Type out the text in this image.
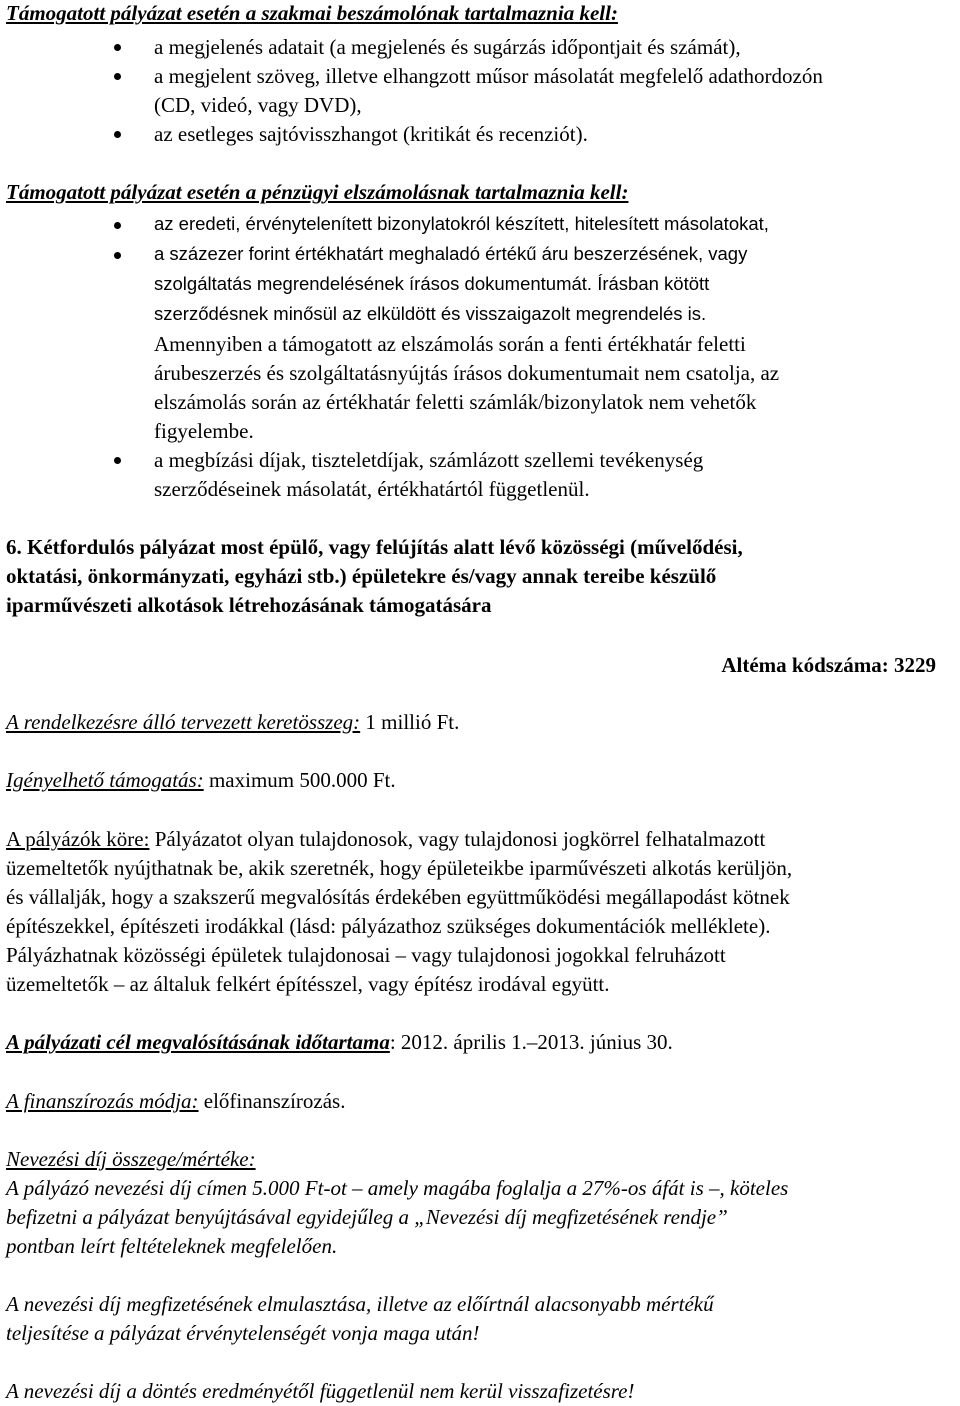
Támogatott pályázat esetén a szakmai beszámolónak tartalmaznia kell:
a megjelenés adatait (a megjelenés és sugárzás időpontjait és számát),
a megjelent szöveg, illetve elhangzott műsor másolatát megfelelő adathordozón
(CD, videó, vagy DVD),
az esetleges sajtóvisszhangot (kritikát és recenziót).
Támogatott pályázat esetén a pénzügyi elszámolásnak tartalmaznia kell:
az eredeti, érvénytelenített bizonylatokról készített, hitelesített másolatokat,
a százezer forint értékhatárt meghaladó értékű áru beszerzésének, vagy
szolgáltatás megrendelésének írásos dokumentumát. Írásban kötött
szerződésnek minősül az elküldött és visszaigazolt megrendelés is.
Amennyiben a támogatott az elszámolás során a fenti értékhatár feletti
árubeszerzés és szolgáltatásnyújtás írásos dokumentumait nem csatolja, az
elszámolás során az értékhatár feletti számlák/bizonylatok nem vehetők
figyelembe.
a megbízási díjak, tiszteletdíjak, számlázott szellemi tevékenység
szerződéseinek másolatát, értékhatártól függetlenül.
6. Kétfordulós pályázat most épülő, vagy felújítás alatt lévő közösségi (művelődési,
oktatási, önkormányzati, egyházi stb.) épületekre és/vagy annak tereibe készülő
iparművészeti alkotások létrehozásának támogatására
Altéma kódszáma: 3229
A rendelkezésre álló tervezett keretösszeg: 1 millió Ft.
Igényelhető támogatás: maximum 500.000 Ft.
A pályázók köre: Pályázatot olyan tulajdonosok, vagy tulajdonosi jogkörrel felhatalmazott
üzemeltetők nyújthatnak be, akik szeretnék, hogy épületeikbe iparművészeti alkotás kerüljön,
és vállalják, hogy a szakszerű megvalósítás érdekében együttműködési megállapodást kötnek
építészekkel, építészeti irodákkal (lásd: pályázathoz szükséges dokumentációk melléklete).
Pályázhatnak közösségi épületek tulajdonosai – vagy tulajdonosi jogokkal felruházott
üzemeltetők – az általuk felkért építésszel, vagy építész irodával együtt.
A pályázati cél megvalósításának időtartama: 2012. április 1.–2013. június 30.
A finanszírozás módja: előfinanszírozás.
Nevezési díj összege/mértéke:
A pályázó nevezési díj címen 5.000 Ft-ot – amely magába foglalja a 27%-os áfát is –, köteles
befizetni a pályázat benyújtásával egyidejűleg a „Nevezési díj megfizetésének rendje”
pontban leírt feltételeknek megfelelően.
A nevezési díj megfizetésének elmulasztása, illetve az előírtnál alacsonyabb mértékű
teljesítése a pályázat érvénytelenségét vonja maga után!
A nevezési díj a döntés eredményétől függetlenül nem kerül visszafizetésre!
